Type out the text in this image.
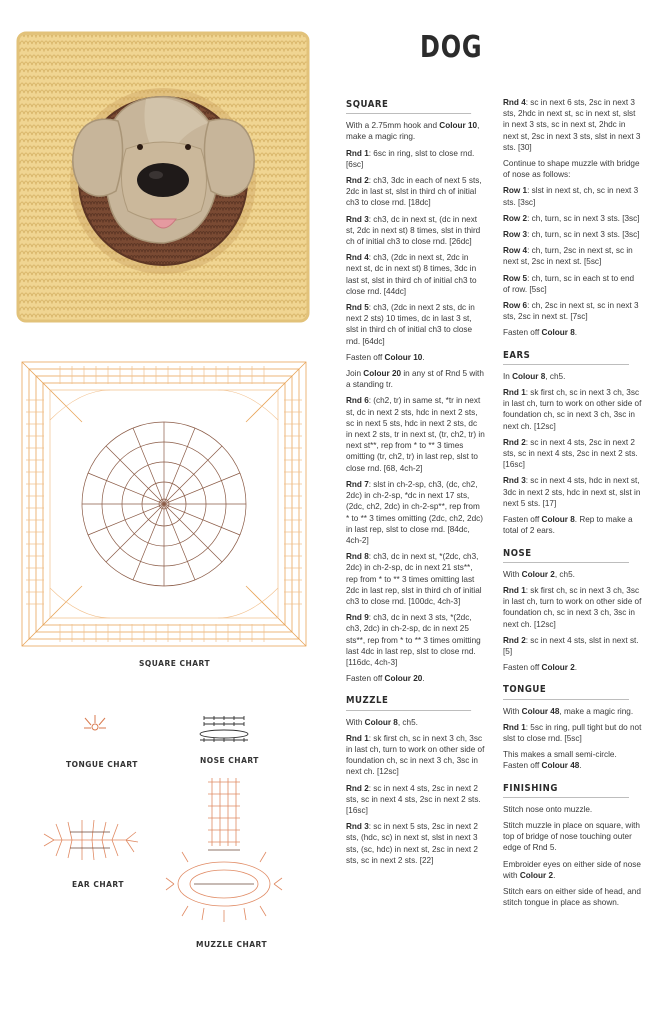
DOG
SQUARE CHART
TONGUE CHART	NOSE CHART
EAR CHART
MUZZLE CHART
SQUARE

With a 2.75mm hook and Colour 10, make a magic ring.

Rnd 1: 6sc in ring, slst to close rnd. [6sc]

Rnd 2: ch3, 3dc in each of next 5 sts, 2dc in last st, slst in third ch of initial ch3 to close rnd. [18dc]

Rnd 3: ch3, dc in next st, (dc in next st, 2dc in next st) 8 times, slst in third ch of initial ch3 to close rnd. [26dc]

Rnd 4: ch3, (2dc in next st, 2dc in next st, dc in next st) 8 times, 3dc in last st, slst in third ch of initial ch3 to close rnd. [44dc]

Rnd 5: ch3, (2dc in next 2 sts, dc in next 2 sts) 10 times, dc in last 3 st, slst in third ch of initial ch3 to close rnd. [64dc]

Fasten off Colour 10.

Join Colour 20 in any st of Rnd 5 with a standing tr.

Rnd 6: (ch2, tr) in same st, *tr in next st, dc in next 2 sts, hdc in next 2 sts, sc in next 5 sts, hdc in next 2 sts, dc in next 2 sts, tr in next st, (tr, ch2, tr) in next st**, rep from * to ** 3 times omitting (tr, ch2, tr) in last rep, slst to close rnd. [68, 4ch-2]

Rnd 7: slst in ch-2-sp, ch3, (dc, ch2, 2dc) in ch-2-sp, *dc in next 17 sts, (2dc, ch2, 2dc) in ch-2-sp**, rep from * to ** 3 times omitting (2dc, ch2, 2dc) in last rep, slst to close rnd. [84dc, 4ch-2]

Rnd 8: ch3, dc in next st, *(2dc, ch3, 2dc) in ch-2-sp, dc in next 21 sts**, rep from * to ** 3 times omitting last 2dc in last rep, slst in third ch of initial ch3 to close rnd. [100dc, 4ch-3]

Rnd 9: ch3, dc in next 3 sts, *(2dc, ch3, 2dc) in ch-2-sp, dc in next 25 sts**, rep from * to ** 3 times omitting last 4dc in last rep, slst to close rnd. [116dc, 4ch-3]

Fasten off Colour 20.

MUZZLE

With Colour 8, ch5.

Rnd 1: sk first ch, sc in next 3 ch, 3sc in last ch, turn to work on other side of foundation ch, sc in next 3 ch, 3sc in next ch. [12sc]

Rnd 2: sc in next 4 sts, 2sc in next 2 sts, sc in next 4 sts, 2sc in next 2 sts. [16sc]

Rnd 3: sc in next 5 sts, 2sc in next 2 sts, (hdc, sc) in next st, slst in next 3 sts, (sc, hdc) in next st, 2sc in next 2 sts, sc in next 2 sts. [22]

Rnd 4: sc in next 6 sts, 2sc in next 3 sts, 2hdc in next st, sc in next st, slst in next 3 sts, sc in next st, 2hdc in next st, 2sc in next 3 sts, slst in next 3 sts. [30]

Continue to shape muzzle with bridge of nose as follows:

Row 1: slst in next st, ch, sc in next 3 sts. [3sc]

Row 2: ch, turn, sc in next 3 sts. [3sc]

Row 3: ch, turn, sc in next 3 sts. [3sc]

Row 4: ch, turn, 2sc in next st, sc in next st, 2sc in next st. [5sc]

Row 5: ch, turn, sc in each st to end of row. [5sc]

Row 6: ch, 2sc in next st, sc in next 3 sts, 2sc in next st. [7sc]

Fasten off Colour 8.

EARS

In Colour 8, ch5.

Rnd 1: sk first ch, sc in next 3 ch, 3sc in last ch, turn to work on other side of foundation ch, sc in next 3 ch, 3sc in next ch. [12sc]

Rnd 2: sc in next 4 sts, 2sc in next 2 sts, sc in next 4 sts, 2sc in next 2 sts. [16sc]

Rnd 3: sc in next 4 sts, hdc in next st, 3dc in next 2 sts, hdc in next st, slst in next 5 sts. [17]

Fasten off Colour 8. Rep to make a total of 2 ears.

NOSE

With Colour 2, ch5.

Rnd 1: sk first ch, sc in next 3 ch, 3sc in last ch, turn to work on other side of foundation ch, sc in next 3 ch, 3sc in next ch. [12sc]

Rnd 2: sc in next 4 sts, slst in next st. [5]

Fasten off Colour 2.

TONGUE

With Colour 48, make a magic ring.

Rnd 1: 5sc in ring, pull tight but do not slst to close rnd. [5sc]

This makes a small semi-circle. Fasten off Colour 48.

FINISHING

Stitch nose onto muzzle.

Stitch muzzle in place on square, with top of bridge of nose touching outer edge of Rnd 5.

Embroider eyes on either side of nose with Colour 2.

Stitch ears on either side of head, and stitch tongue in place as shown.
